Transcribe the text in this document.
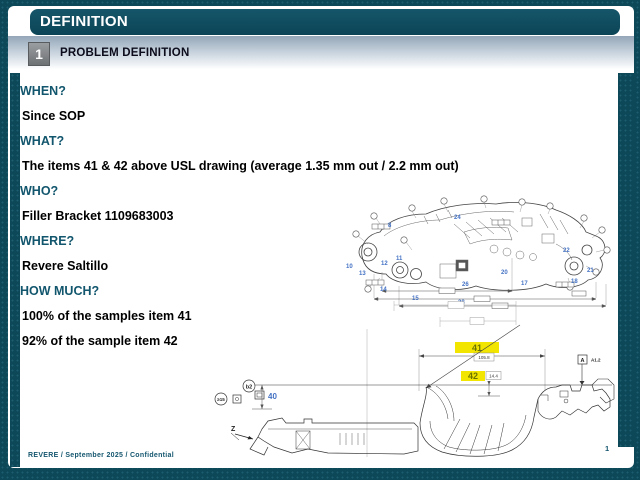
DEFINITION
1	PROBLEM DEFINITION
WHEN?
Since SOP
WHAT?
The items 41 & 42 above USL drawing (average 1.35 mm out / 2.2 mm out)
WHO?
Filler Bracket 1109683003
WHERE?
Revere Saltillo
HOW MUCH?
100% of the samples item 41
92% of the sample item 42
8
24
10
11
12
13
14
15
20
17	18
21
22
26
41
105.8
42 14.4
b2
≥15	40
A A1.2
Z
REVERE / September 2025 / Confidential
1
